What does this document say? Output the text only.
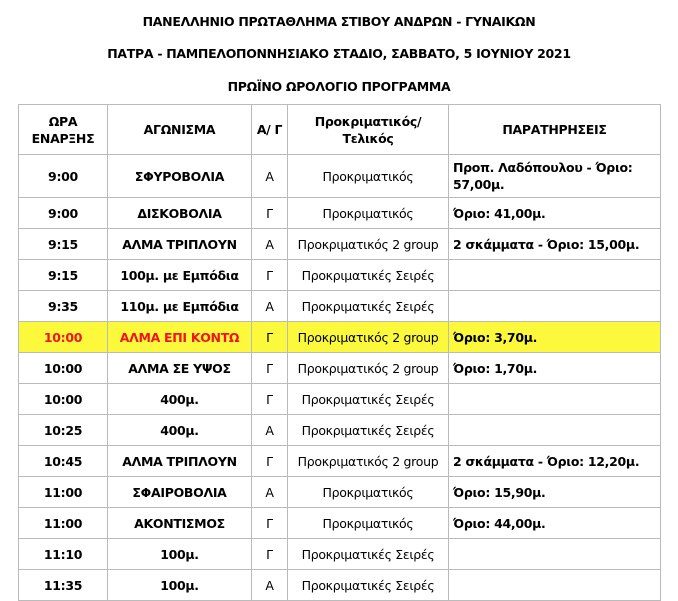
ΠΑΝΕΛΛΗΝΙΟ ΠΡΩΤΑΘΛΗΜΑ ΣΤΙΒΟΥ ΑΝΔΡΩΝ - ΓΥΝΑΙΚΩΝ
ΠΑΤΡΑ - ΠΑΜΠΕΛΟΠΟΝΝΗΣΙΑΚΟ ΣΤΑΔΙΟ, ΣΑΒΒΑΤΟ, 5 ΙΟΥΝΙΟΥ 2021
ΠΡΩΪΝΟ ΩΡΟΛΟΓΙΟ ΠΡΟΓΡΑΜΜΑ
ΩΡΑ ΕΝΑΡΞΗΣ	ΑΓΩΝΙΣΜΑ	Α/ Γ	Προκριματικός/ Τελικός	ΠΑΡΑΤΗΡΗΣΕΙΣ
9:00	ΣΦΥΡΟΒΟΛΙΑ	Α	Προκριματικός	Προπ. Λαδόπουλου - Όριο: 57,00μ.
9:00	ΔΙΣΚΟΒΟΛΙΑ	Γ	Προκριματικός	Όριο: 41,00μ.
9:15	ΑΛΜΑ ΤΡΙΠΛΟΥΝ	Α	Προκριματικός 2 group	2 σκάμματα - Όριο: 15,00μ.
9:15	100μ. με Εμπόδια	Γ	Προκριματικές Σειρές	
9:35	110μ. με Εμπόδια	Α	Προκριματικές Σειρές	
10:00	ΑΛΜΑ ΕΠΙ ΚΟΝΤΩ	Γ	Προκριματικός 2 group	Όριο: 3,70μ.
10:00	ΑΛΜΑ ΣΕ ΥΨΟΣ	Γ	Προκριματικός 2 group	Όριο: 1,70μ.
10:00	400μ.	Γ	Προκριματικές Σειρές	
10:25	400μ.	Α	Προκριματικές Σειρές	
10:45	ΑΛΜΑ ΤΡΙΠΛΟΥΝ	Γ	Προκριματικός 2 group	2 σκάμματα - Όριο: 12,20μ.
11:00	ΣΦΑΙΡΟΒΟΛΙΑ	Α	Προκριματικός	Όριο: 15,90μ.
11:00	ΑΚΟΝΤΙΣΜΟΣ	Γ	Προκριματικός	Όριο: 44,00μ.
11:10	100μ.	Γ	Προκριματικές Σειρές	
11:35	100μ.	Α	Προκριματικές Σειρές	
